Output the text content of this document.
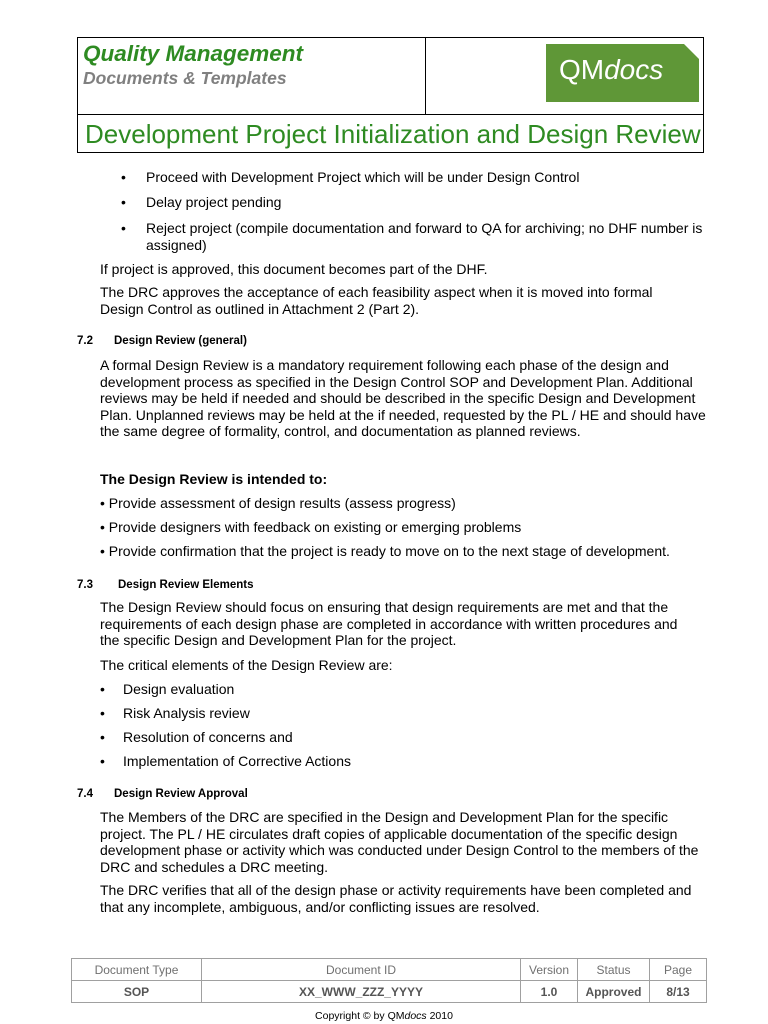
Quality Management
Documents & Templates	QMdocs
Development Project Initialization and Design Review
• Proceed with Development Project which will be under Design Control
• Delay project pending
• Reject project (compile documentation and forward to QA for archiving; no DHF number is assigned)
If project is approved, this document becomes part of the DHF.
The DRC approves the acceptance of each feasibility aspect when it is moved into formal Design Control as outlined in Attachment 2 (Part 2).
7.2 Design Review (general)
A formal Design Review is a mandatory requirement following each phase of the design and development process as specified in the Design Control SOP and Development Plan. Additional reviews may be held if needed and should be described in the specific Design and Development Plan. Unplanned reviews may be held at the if needed, requested by the PL / HE and should have the same degree of formality, control, and documentation as planned reviews.
The Design Review is intended to:
• Provide assessment of design results (assess progress)
• Provide designers with feedback on existing or emerging problems
• Provide confirmation that the project is ready to move on to the next stage of development.
7.3 Design Review Elements
The Design Review should focus on ensuring that design requirements are met and that the requirements of each design phase are completed in accordance with written procedures and the specific Design and Development Plan for the project.
The critical elements of the Design Review are:
• Design evaluation
• Risk Analysis review
• Resolution of concerns and
• Implementation of Corrective Actions
7.4 Design Review Approval
The Members of the DRC are specified in the Design and Development Plan for the specific project. The PL / HE circulates draft copies of applicable documentation of the specific design development phase or activity which was conducted under Design Control to the members of the DRC and schedules a DRC meeting.
The DRC verifies that all of the design phase or activity requirements have been completed and that any incomplete, ambiguous, and/or conflicting issues are resolved.
Document Type	Document ID	Version	Status	Page
SOP	XX_WWW_ZZZ_YYYY	1.0	Approved	8/13
Copyright © by QMdocs 2010
